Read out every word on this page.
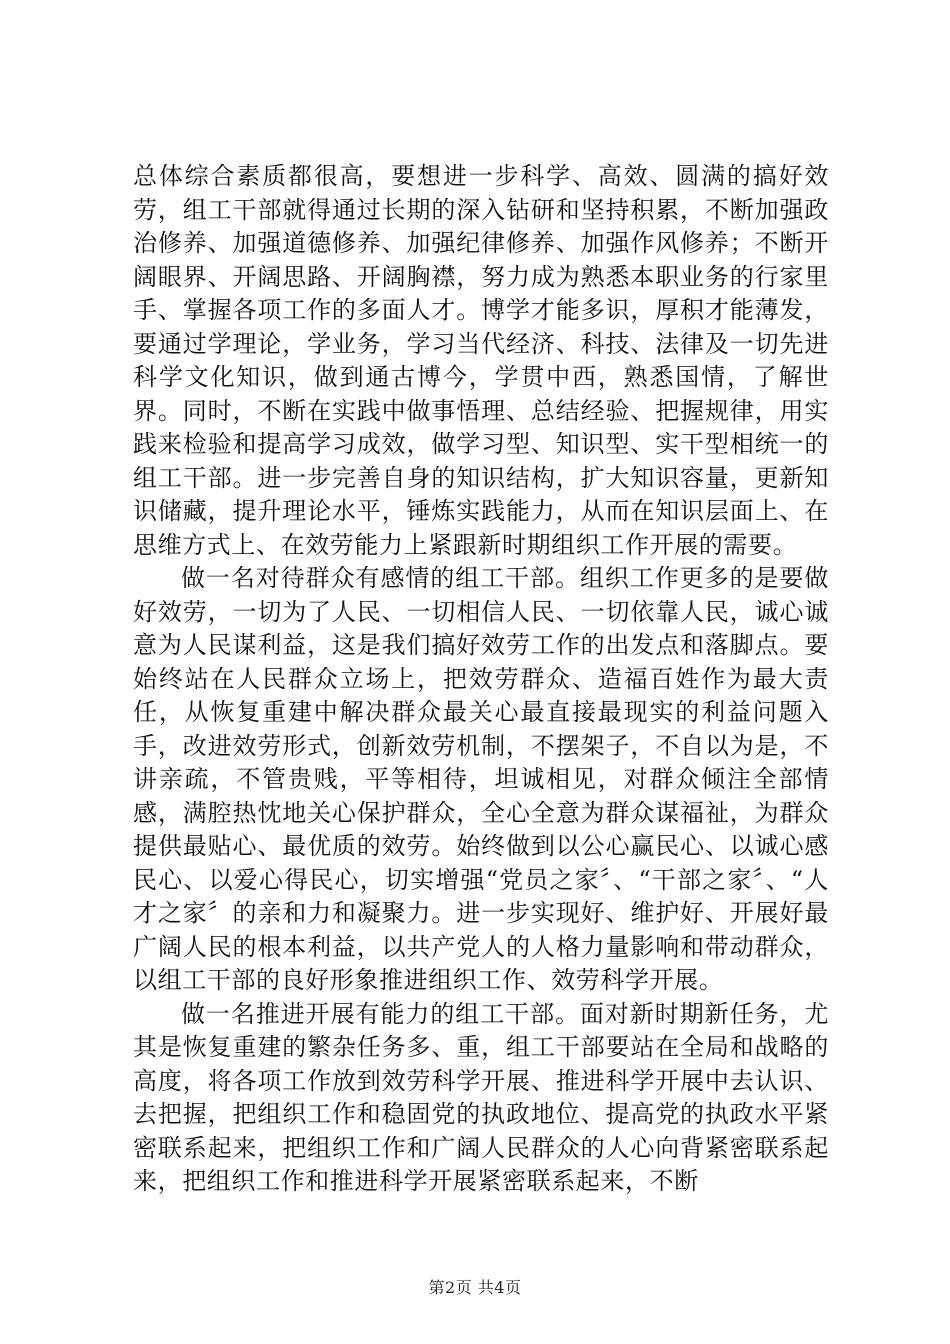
总体综合素质都很高，要想进一步科学、高效、圆满的搞好效劳，组工干部就得通过长期的深入钻研和坚持积累，不断加强政治修养、加强道德修养、加强纪律修养、加强作风修养；不断开阔眼界、开阔思路、开阔胸襟，努力成为熟悉本职业务的行家里手、掌握各项工作的多面人才。博学才能多识，厚积才能薄发，要通过学理论，学业务，学习当代经济、科技、法律及一切先进科学文化知识，做到通古博今，学贯中西，熟悉国情，了解世界。同时，不断在实践中做事悟理、总结经验、把握规律，用实践来检验和提高学习成效，做学习型、知识型、实干型相统一的组工干部。进一步完善自身的知识结构，扩大知识容量，更新知识储藏，提升理论水平，锤炼实践能力，从而在知识层面上、在思维方式上、在效劳能力上紧跟新时期组织工作开展的需要。

做一名对待群众有感情的组工干部。组织工作更多的是要做好效劳，一切为了人民、一切相信人民、一切依靠人民，诚心诚意为人民谋利益，这是我们搞好效劳工作的出发点和落脚点。要始终站在人民群众立场上，把效劳群众、造福百姓作为最大责任，从恢复重建中解决群众最关心最直接最现实的利益问题入手，改进效劳形式，创新效劳机制，不摆架子，不自以为是，不讲亲疏，不管贵贱，平等相待，坦诚相见，对群众倾注全部情感，满腔热忱地关心保护群众，全心全意为群众谋福祉，为群众提供最贴心、最优质的效劳。始终做到以公心赢民心、以诚心感民心、以爱心得民心，切实增强“党员之家〞、“干部之家〞、“人才之家〞的亲和力和凝聚力。进一步实现好、维护好、开展好最广阔人民的根本利益，以共产党人的人格力量影响和带动群众，以组工干部的良好形象推进组织工作、效劳科学开展。

做一名推进开展有能力的组工干部。面对新时期新任务，尤其是恢复重建的繁杂任务多、重，组工干部要站在全局和战略的高度，将各项工作放到效劳科学开展、推进科学开展中去认识、去把握，把组织工作和稳固党的执政地位、提高党的执政水平紧密联系起来，把组织工作和广阔人民群众的人心向背紧密联系起来，把组织工作和推进科学开展紧密联系起来，不断

第2页 共4页
